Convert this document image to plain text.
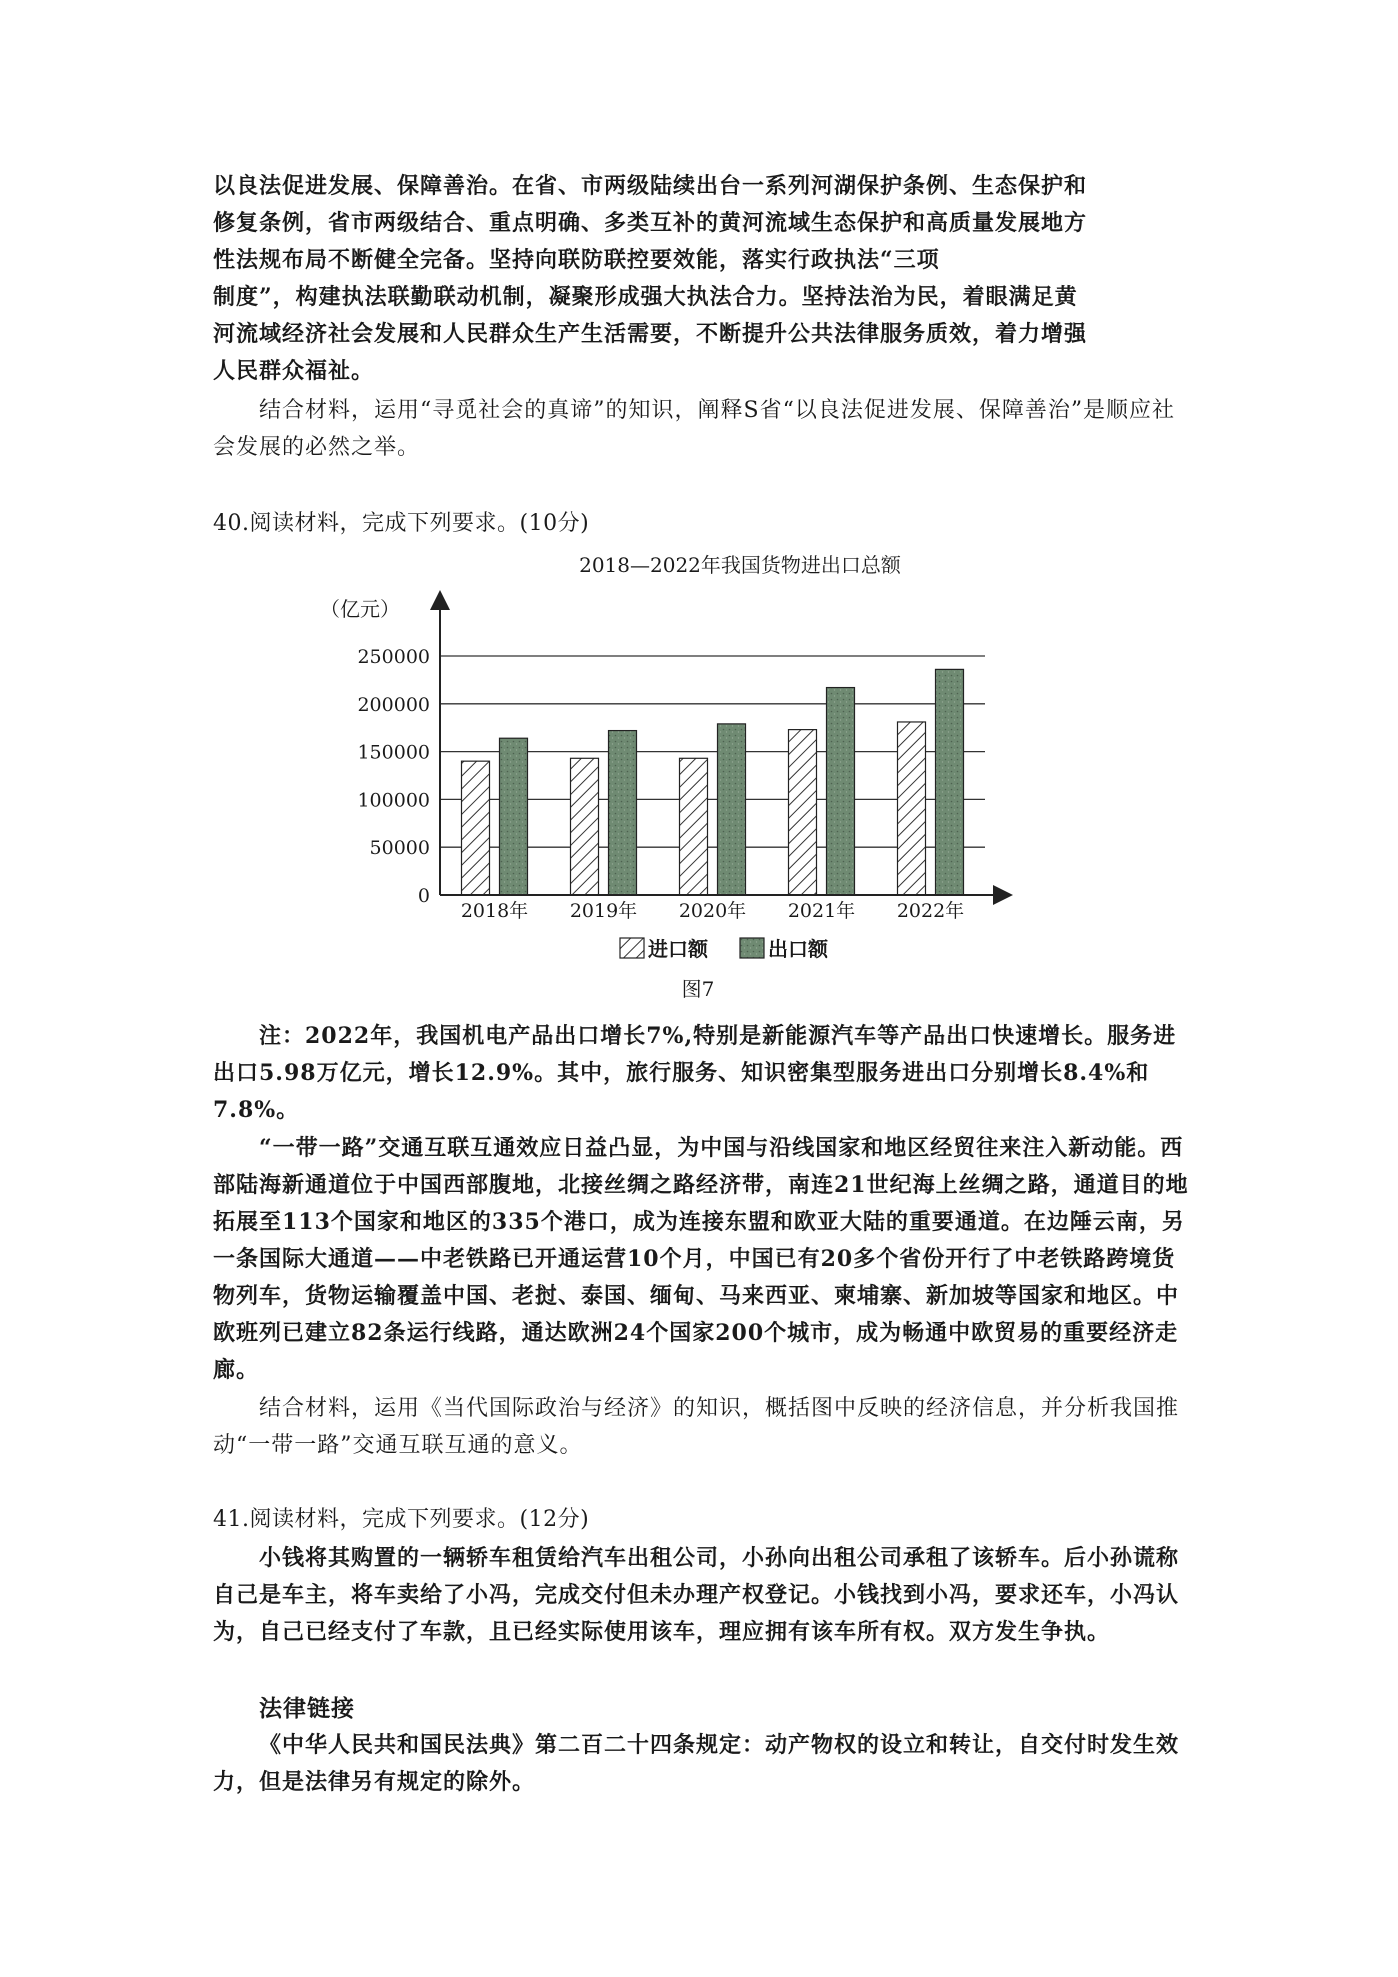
以良法促进发展、保障善治。在省、市两级陆续出台一系列河湖保护条例、生态保护和

修复条例，省市两级结合、重点明确、多类互补的黄河流域生态保护和高质量发展地方

性法规布局不断健全完备。坚持向联防联控要效能，落实行政执法“三项

制度”，构建执法联勤联动机制，凝聚形成强大执法合力。坚持法治为民，着眼满足黄

河流域经济社会发展和人民群众生产生活需要，不断提升公共法律服务质效，着力增强

人民群众福祉。

结合材料，运用“寻觅社会的真谛”的知识，阐释S省“以良法促进发展、保障善治”是顺应社会发展的必然之举。

40.阅读材料，完成下列要求。(10分)

2018—2022年我国货物进出口总额
（亿元）
0
50000
100000
150000
200000
250000
2018年 2019年 2020年 2021年 2022年
进口额	出口额
图7

注：2022年，我国机电产品出口增长7%,特别是新能源汽车等产品出口快速增长。服务进出口5.98万亿元，增长12.9%。其中，旅行服务、知识密集型服务进出口分别增长8.4%和7.8%。

“一带一路”交通互联互通效应日益凸显，为中国与沿线国家和地区经贸往来注入新动能。西部陆海新通道位于中国西部腹地，北接丝绸之路经济带，南连21世纪海上丝绸之路，通道目的地拓展至113个国家和地区的335个港口，成为连接东盟和欧亚大陆的重要通道。在边陲云南，另一条国际大通道——中老铁路已开通运营10个月，中国已有20多个省份开行了中老铁路跨境货物列车，货物运输覆盖中国、老挝、泰国、缅甸、马来西亚、柬埔寨、新加坡等国家和地区。中欧班列已建立82条运行线路，通达欧洲24个国家200个城市，成为畅通中欧贸易的重要经济走廊。

结合材料，运用《当代国际政治与经济》的知识，概括图中反映的经济信息，并分析我国推动“一带一路”交通互联互通的意义。

41.阅读材料，完成下列要求。(12分)

小钱将其购置的一辆轿车租赁给汽车出租公司，小孙向出租公司承租了该轿车。后小孙谎称自己是车主，将车卖给了小冯，完成交付但未办理产权登记。小钱找到小冯，要求还车，小冯认为，自己已经支付了车款，且已经实际使用该车，理应拥有该车所有权。双方发生争执。

法律链接

《中华人民共和国民法典》第二百二十四条规定：动产物权的设立和转让，自交付时发生效力，但是法律另有规定的除外。
